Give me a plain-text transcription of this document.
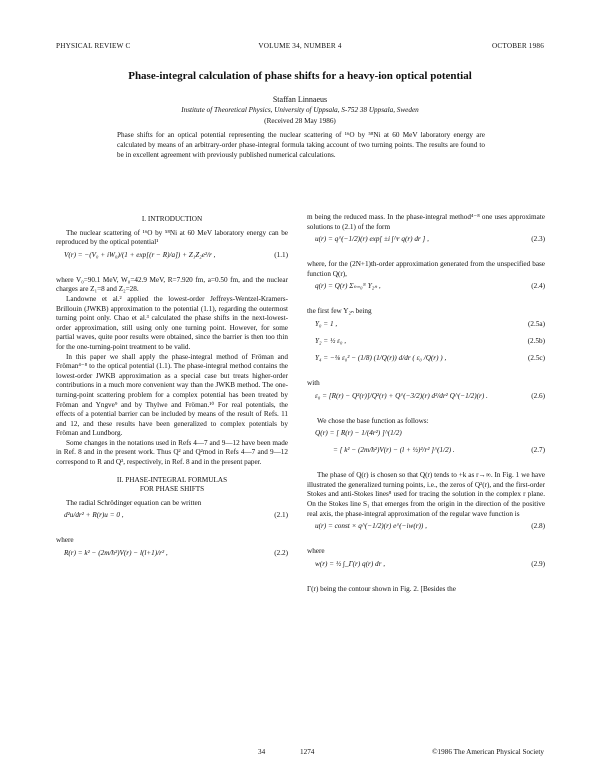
PHYSICAL REVIEW C	VOLUME 34, NUMBER 4	OCTOBER 1986
Phase-integral calculation of phase shifts for a heavy-ion optical potential
Staffan Linnaeus
Institute of Theoretical Physics, University of Uppsala, S-752 38 Uppsala, Sweden
(Received 28 May 1986)
Phase shifts for an optical potential representing the nuclear scattering of ¹⁶O by ⁵⁸Ni at 60 MeV laboratory energy are calculated by means of an arbitrary-order phase-integral formula taking account of two turning points. The results are found to be in excellent agreement with previously published numerical calculations.
I. INTRODUCTION

The nuclear scattering of ¹⁶O by ⁵⁸Ni at 60 MeV laboratory energy can be reproduced by the optical potential¹

V(r) = −(V₀ + iW₀)/(1 + exp[(r − R)/a]) + Z₁Z₂e²/r ,	(1.1)

where V₀=90.1 MeV, W₀=42.9 MeV, R=7.920 fm, a=0.50 fm, and the nuclear charges are Z₁=8 and Z₂=28.

Landowne et al.² applied the lowest-order Jeffreys-Wentzel-Kramers-Brillouin (JWKB) approximation to the potential (1.1), regarding the outermost turning point only. Chao et al.³ calculated the phase shifts in the next-lowest-order approximation, still using only one turning point. However, for some partial waves, quite poor results were obtained, since the barrier is then too thin for the one-turning-point treatment to be valid.

In this paper we shall apply the phase-integral method of Fröman and Fröman⁴⁻⁸ to the optical potential (1.1). The phase-integral method contains the lowest-order JWKB approximation as a special case but treats higher-order contributions in a much more convenient way than the JWKB method. The one-turning-point scattering problem for a complex potential has been treated by Fröman and Yngve⁹ and by Thylwe and Fröman.¹⁰ For real potentials, the effects of a potential barrier can be included by means of the result of Refs. 11 and 12, and these results have been generalized to complex potentials by Fröman and Lundborg.

Some changes in the notations used in Refs 4—7 and 9—12 have been made in Ref. 8 and in the present work. Thus Q² and Q²mod in Refs 4—7 and 9—12 correspond to R and Q², respectively, in Ref. 8 and in the present paper.

II. PHASE-INTEGRAL FORMULAS
FOR PHASE SHIFTS

The radial Schrödinger equation can be written

d²u/dr² + R(r)u = 0 ,	(2.1)

where

R(r) = k² − (2m/ħ²)V(r) − l(l+1)/r² ,	(2.2)

m being the reduced mass. In the phase-integral method⁴⁻⁸ one uses approximate solutions to (2.1) of the form

u(r) = q^(−1/2)(r) exp[ ±i ∫^r q(r) dr ] ,	(2.3)

where, for the (2N+1)th-order approximation generated from the unspecified base function Q(r),

q(r) = Q(r) Σₙ₌₀ᴺ Y₂ₙ ,	(2.4)

the first few Y₂ₙ being

Y₀ = 1 ,	(2.5a)
Y₂ = ½ ε₀ ,	(2.5b)
Y₄ = −⅛ ε₀² − (1/8) (1/Q(r)) d/dr ( ε₀ /Q(r) ) ,	(2.5c)

with

ε₀ = [R(r) − Q²(r)]/Q²(r) + Q^(−3/2)(r) d²/dr² Q^(−1/2)(r) .	(2.6)

We chose the base function as follows:

Q(r) = [ R(r) − 1/(4r²) ]^(1/2)
= [ k² − (2m/ħ²)V(r) − (l + ½)²/r² ]^(1/2) .	(2.7)

The phase of Q(r) is chosen so that Q(r) tends to +k as r→∞. In Fig. 1 we have illustrated the generalized turning points, i.e., the zeros of Q²(r), and the first-order Stokes and anti-Stokes lines⁸ used for tracing the solution in the complex r plane. On the Stokes line S₁ that emerges from the origin in the direction of the positive real axis, the phase-integral approximation of the regular wave function is

u(r) = const × q^(−1/2)(r) e^(−iw(r)) ,	(2.8)

where

w(r) = ½ ∫_Γ(r) q(r) dr ,	(2.9)

Γ(r) being the contour shown in Fig. 2. [Besides the

34	1274	©1986 The American Physical Society
